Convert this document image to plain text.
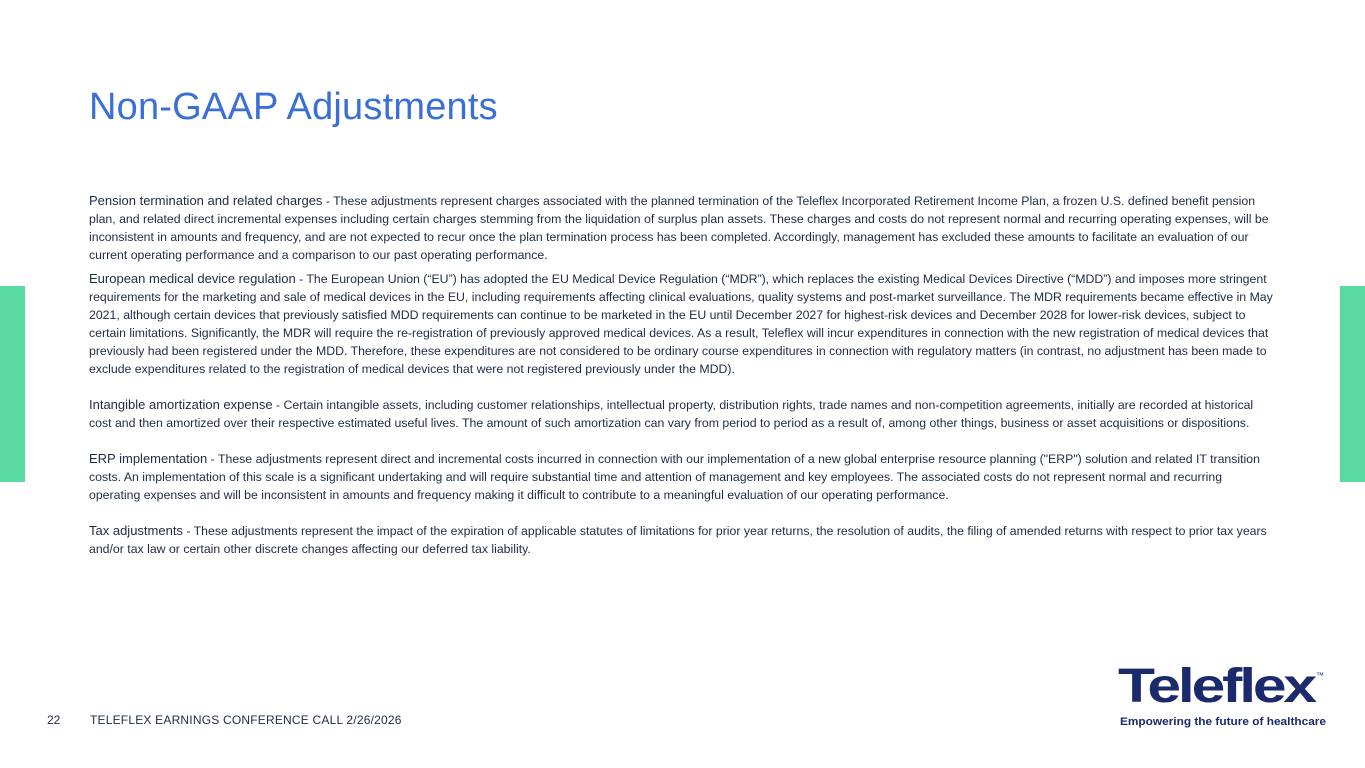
Non-GAAP Adjustments

Pension termination and related charges - These adjustments represent charges associated with the planned termination of the Teleflex Incorporated Retirement Income Plan, a frozen U.S. defined benefit pension plan, and related direct incremental expenses including certain charges stemming from the liquidation of surplus plan assets. These charges and costs do not represent normal and recurring operating expenses, will be inconsistent in amounts and frequency, and are not expected to recur once the plan termination process has been completed. Accordingly, management has excluded these amounts to facilitate an evaluation of our current operating performance and a comparison to our past operating performance.

European medical device regulation - The European Union (“EU”) has adopted the EU Medical Device Regulation (“MDR”), which replaces the existing Medical Devices Directive (“MDD”) and imposes more stringent requirements for the marketing and sale of medical devices in the EU, including requirements affecting clinical evaluations, quality systems and post-market surveillance. The MDR requirements became effective in May 2021, although certain devices that previously satisfied MDD requirements can continue to be marketed in the EU until December 2027 for highest-risk devices and December 2028 for lower-risk devices, subject to certain limitations. Significantly, the MDR will require the re-registration of previously approved medical devices. As a result, Teleflex will incur expenditures in connection with the new registration of medical devices that previously had been registered under the MDD. Therefore, these expenditures are not considered to be ordinary course expenditures in connection with regulatory matters (in contrast, no adjustment has been made to exclude expenditures related to the registration of medical devices that were not registered previously under the MDD).

Intangible amortization expense - Certain intangible assets, including customer relationships, intellectual property, distribution rights, trade names and non-competition agreements, initially are recorded at historical cost and then amortized over their respective estimated useful lives. The amount of such amortization can vary from period to period as a result of, among other things, business or asset acquisitions or dispositions.

ERP implementation - These adjustments represent direct and incremental costs incurred in connection with our implementation of a new global enterprise resource planning ("ERP") solution and related IT transition costs. An implementation of this scale is a significant undertaking and will require substantial time and attention of management and key employees. The associated costs do not represent normal and recurring operating expenses and will be inconsistent in amounts and frequency making it difficult to contribute to a meaningful evaluation of our operating performance.

Tax adjustments - These adjustments represent the impact of the expiration of applicable statutes of limitations for prior year returns, the resolution of audits, the filing of amended returns with respect to prior tax years and/or tax law or certain other discrete changes affecting our deferred tax liability.

22 TELEFLEX EARNINGS CONFERENCE CALL 2/26/2026
Teleflex
™
Empowering the future of healthcare
